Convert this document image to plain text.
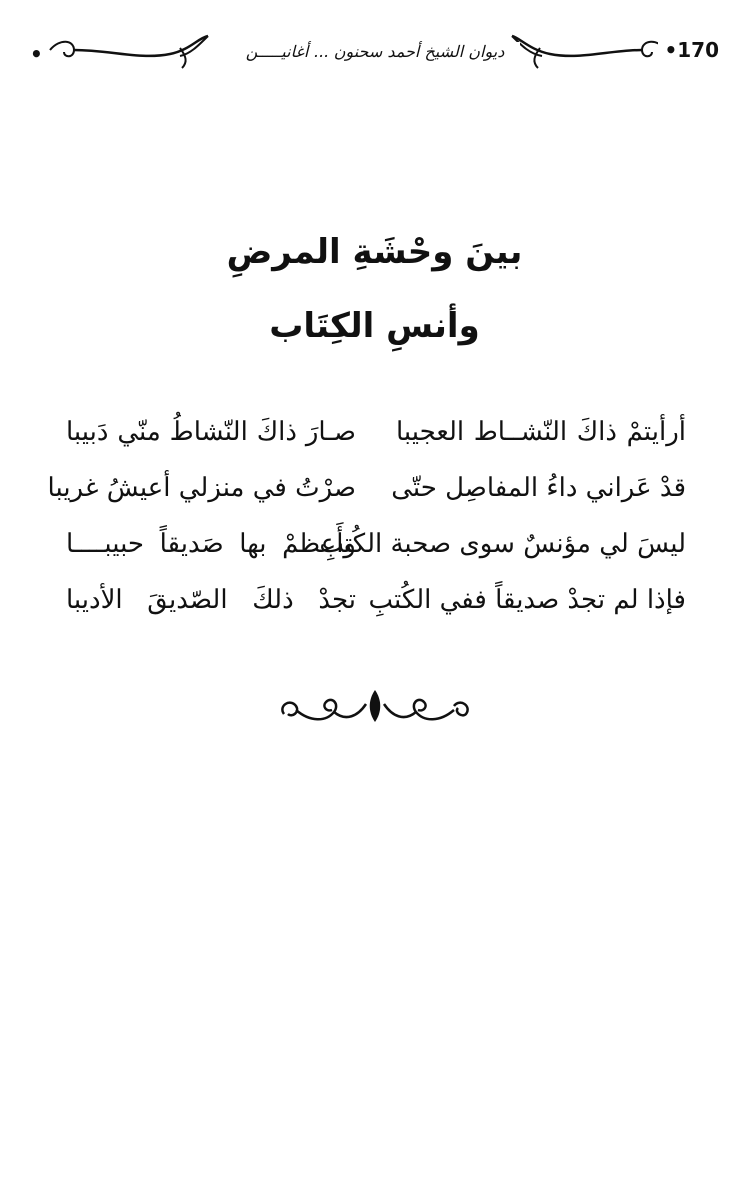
•	ديوان الشيخ أحمد سحنون ... أغانيـــــن	•170
بينَ وحْشَةِ المرضِ
وأنسِ الكِتَاب
أرأيتمْ ذاكَ النّشــاط العجيبا
صـارَ ذاكَ النّشاطُ منّي دَبيبا
قدْ عَراني داءُ المفاصِل حتّى
صرْتُ في منزلي أعيشُ غريبا
ليسَ لي مؤنسٌ سوى صحبة الكُتبِ
وأَعظمْ بها صَديقاً حبيبــــا
فإذا لم تجدْ صديقاً ففي الكُتبِ
تجدْ ذلكَ الصّديقَ الأديبا
